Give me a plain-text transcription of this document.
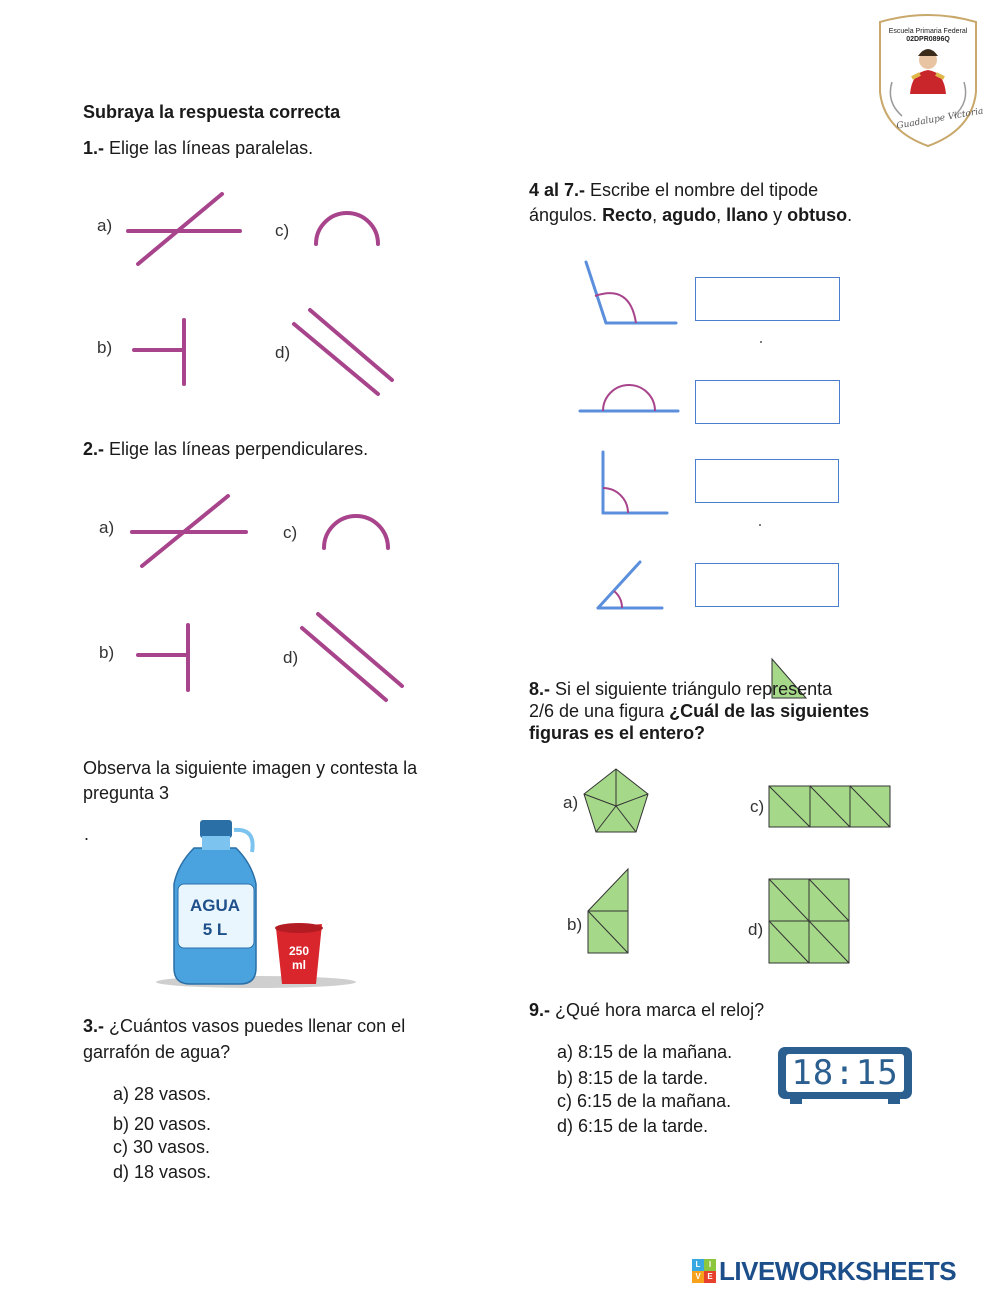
Escuela Primaria Federal
02DPR0896Q
Guadalupe Victoria
Subraya la respuesta correcta
1.- Elige las líneas paralelas.
a)
b)
c)
d)
2.- Elige las líneas perpendiculares.
a)
b)
c)
d)
Observa la siguiente imagen y contesta la
pregunta 3
.
AGUA
5 L
250
ml
3.- ¿Cuántos vasos puedes llenar con el
garrafón de agua?
a) 28 vasos.
b) 20 vasos.
c) 30 vasos.
d) 18 vasos.
4 al 7.- Escribe el nombre del tipode
ángulos. Recto, agudo, llano y obtuso.
8.- Si el siguiente triángulo representa
2/6 de una figura ¿Cuál de las siguientes
figuras es el entero?
a)
b)
c)
d)
9.- ¿Qué hora marca el reloj?
a) 8:15 de la mañana.
b) 8:15 de la tarde.
c) 6:15 de la mañana.
d) 6:15 de la tarde.
18:15
L	I
V E LIVEWORKSHEETS
